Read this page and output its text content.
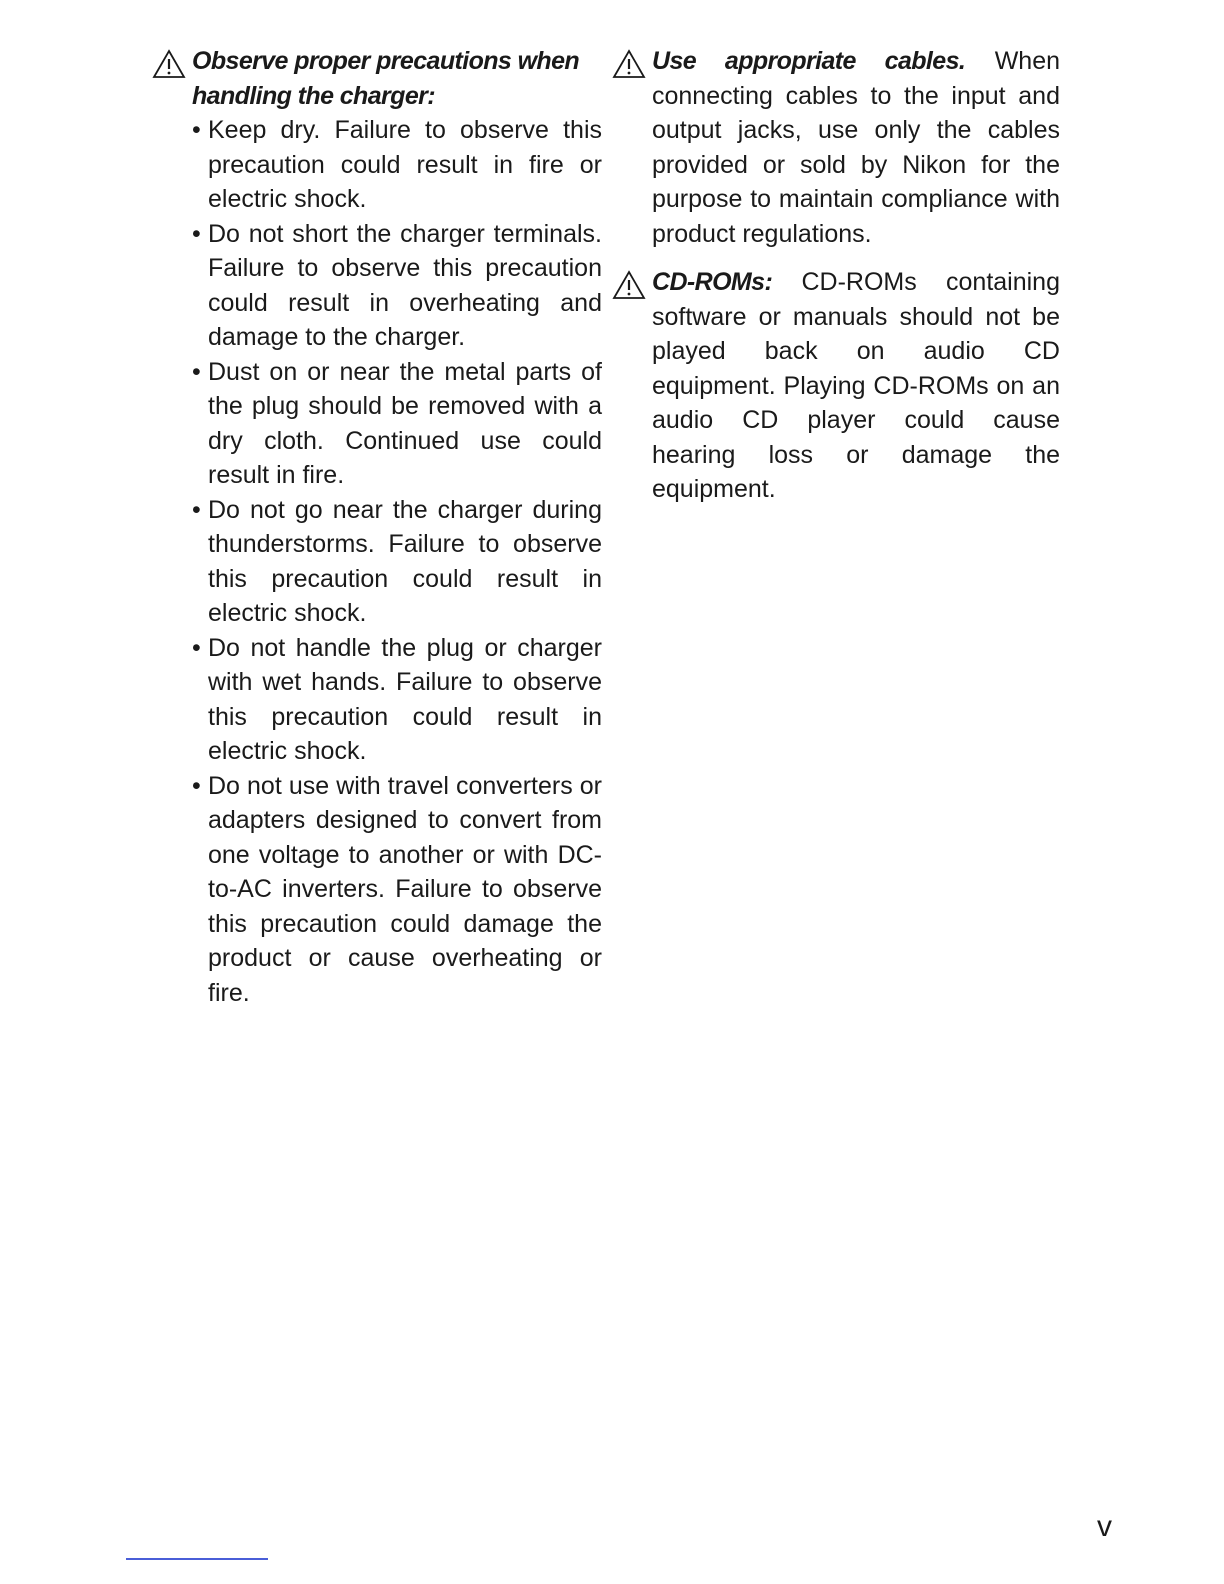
Observe proper precautions when handling the charger:
• Keep dry. Failure to observe this precaution could result in fire or electric shock.
• Do not short the charger terminals. Failure to observe this precaution could result in overheating and damage to the charger.
• Dust on or near the metal parts of the plug should be removed with a dry cloth. Continued use could result in fire.
• Do not go near the charger during thunderstorms. Failure to observe this precaution could result in electric shock.
• Do not handle the plug or charger with wet hands. Failure to observe this precaution could result in electric shock.
• Do not use with travel converters or adapters designed to convert from one voltage to another or with DC-to-AC inverters. Failure to observe this precaution could damage the product or cause overheating or fire.
Use appropriate cables. When connecting cables to the input and output jacks, use only the cables provided or sold by Nikon for the purpose to maintain compliance with product regulations.
CD-ROMs: CD-ROMs containing software or manuals should not be played back on audio CD equipment. Playing CD-ROMs on an audio CD player could cause hearing loss or damage the equipment.
v
